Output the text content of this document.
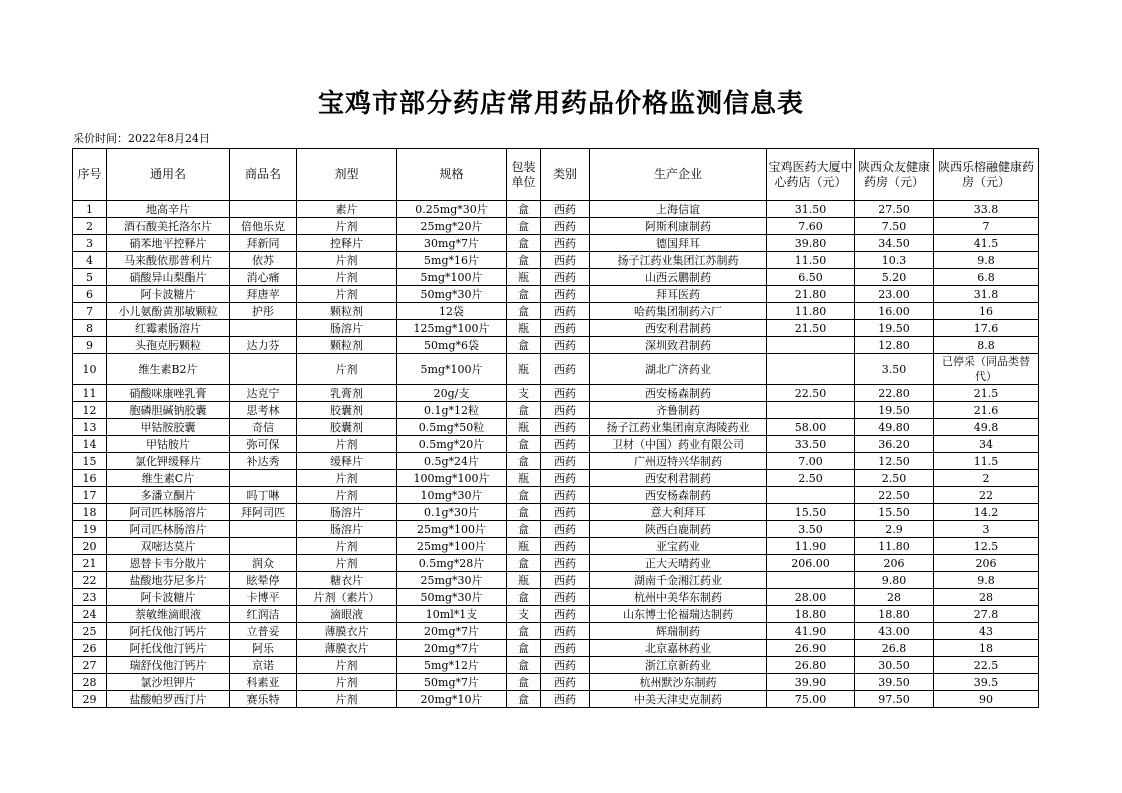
宝鸡市部分药店常用药品价格监测信息表
采价时间：2022年8月24日
序号	通用名	商品名	剂型	规格	包装单位	类别	生产企业	宝鸡医药大厦中心药店（元）	陕西众友健康药房（元）	陕西乐榕融健康药房（元）
1	地高辛片		素片	0.25mg*30片	盒	西药	上海信谊	31.50	27.50	33.8
2	酒石酸美托洛尔片	倍他乐克	片剂	25mg*20片	盒	西药	阿斯利康制药	7.60	7.50	7
3	硝苯地平控释片	拜新同	控释片	30mg*7片	盒	西药	德国拜耳	39.80	34.50	41.5
4	马来酸依那普利片	依苏	片剂	5mg*16片	盒	西药	扬子江药业集团江苏制药	11.50	10.3	9.8
5	硝酸异山梨酯片	消心痛	片剂	5mg*100片	瓶	西药	山西云鹏制药	6.50	5.20	6.8
6	阿卡波糖片	拜唐苹	片剂	50mg*30片	盒	西药	拜耳医药	21.80	23.00	31.8
7	小儿氨酚黄那敏颗粒	护彤	颗粒剂	12袋	盒	西药	哈药集团制药六厂	11.80	16.00	16
8	红霉素肠溶片		肠溶片	125mg*100片	瓶	西药	西安利君制药	21.50	19.50	17.6
9	头孢克肟颗粒	达力芬	颗粒剂	50mg*6袋	盒	西药	深圳致君制药		12.80	8.8
10	维生素B2片		片剂	5mg*100片	瓶	西药	湖北广济药业		3.50	已停采（同品类替代）
11	硝酸咪康唑乳膏	达克宁	乳膏剂	20g/支	支	西药	西安杨森制药	22.50	22.80	21.5
12	胞磷胆碱钠胶囊	思考林	胶囊剂	0.1g*12粒	盒	西药	齐鲁制药		19.50	21.6
13	甲钴胺胶囊	奇信	胶囊剂	0.5mg*50粒	瓶	西药	扬子江药业集团南京海陵药业	58.00	49.80	49.8
14	甲钴胺片	弥可保	片剂	0.5mg*20片	盒	西药	卫材（中国）药业有限公司	33.50	36.20	34
15	氯化钾缓释片	补达秀	缓释片	0.5g*24片	盒	西药	广州迈特兴华制药	7.00	12.50	11.5
16	维生素C片		片剂	100mg*100片	瓶	西药	西安利君制药	2.50	2.50	2
17	多潘立酮片	吗丁啉	片剂	10mg*30片	盒	西药	西安杨森制药		22.50	22
18	阿司匹林肠溶片	拜阿司匹	肠溶片	0.1g*30片	盒	西药	意大利拜耳	15.50	15.50	14.2
19	阿司匹林肠溶片		肠溶片	25mg*100片	盒	西药	陕西白鹿制药	3.50	2.9	3
20	双嘧达莫片		片剂	25mg*100片	瓶	西药	亚宝药业	11.90	11.80	12.5
21	恩替卡韦分散片	润众	片剂	0.5mg*28片	盒	西药	正大天晴药业	206.00	206	206
22	盐酸地芬尼多片	眩晕停	糖衣片	25mg*30片	瓶	西药	湖南千金湘江药业		9.80	9.8
23	阿卡波糖片	卡博平	片剂（素片）	50mg*30片	盒	西药	杭州中美华东制药	28.00	28	28
24	萘敏维滴眼液	红润洁	滴眼液	10ml*1支	支	西药	山东博士伦福瑞达制药	18.80	18.80	27.8
25	阿托伐他汀钙片	立普妥	薄膜衣片	20mg*7片	盒	西药	辉瑞制药	41.90	43.00	43
26	阿托伐他汀钙片	阿乐	薄膜衣片	20mg*7片	盒	西药	北京嘉林药业	26.90	26.8	18
27	瑞舒伐他汀钙片	京诺	片剂	5mg*12片	盒	西药	浙江京新药业	26.80	30.50	22.5
28	氯沙坦钾片	科素亚	片剂	50mg*7片	盒	西药	杭州默沙东制药	39.90	39.50	39.5
29	盐酸帕罗西汀片	赛乐特	片剂	20mg*10片	盒	西药	中美天津史克制药	75.00	97.50	90
